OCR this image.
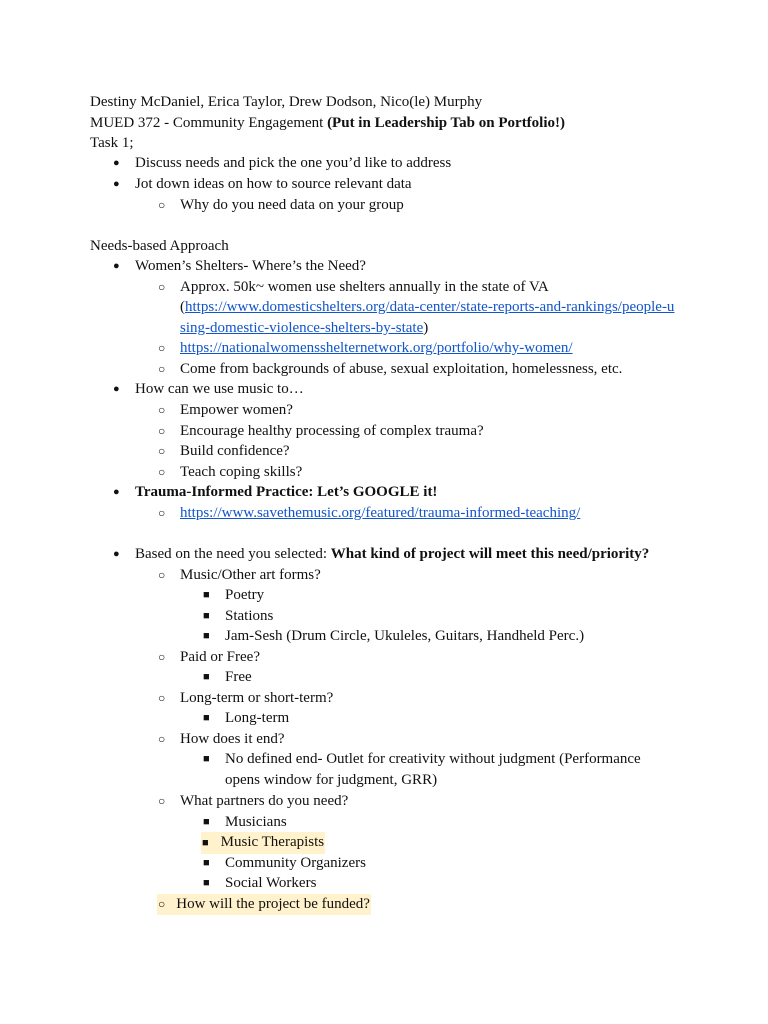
Destiny McDaniel, Erica Taylor, Drew Dodson, Nico(le) Murphy
MUED 372 - Community Engagement (Put in Leadership Tab on Portfolio!)
Task 1;
● Discuss needs and pick the one you’d like to address
● Jot down ideas on how to source relevant data
○ Why do you need data on your group
Needs-based Approach
● Women’s Shelters- Where’s the Need?
○ Approx. 50k~ women use shelters annually in the state of VA
(https://www.domesticshelters.org/data-center/state-reports-and-rankings/people-u
sing-domestic-violence-shelters-by-state)
○ https://nationalwomensshelternetwork.org/portfolio/why-women/
○ Come from backgrounds of abuse, sexual exploitation, homelessness, etc.
● How can we use music to…
○ Empower women?
○ Encourage healthy processing of complex trauma?
○ Build confidence?
○ Teach coping skills?
● Trauma-Informed Practice: Let’s GOOGLE it!
○ https://www.savethemusic.org/featured/trauma-informed-teaching/
● Based on the need you selected: What kind of project will meet this need/priority?
○ Music/Other art forms?
■ Poetry
■ Stations
■ Jam-Sesh (Drum Circle, Ukuleles, Guitars, Handheld Perc.)
○ Paid or Free?
■ Free
○ Long-term or short-term?
■ Long-term
○ How does it end?
■ No defined end- Outlet for creativity without judgment (Performance
opens window for judgment, GRR)
○ What partners do you need?
■ Musicians
■ Music Therapists
■ Community Organizers
■ Social Workers
○ How will the project be funded?
